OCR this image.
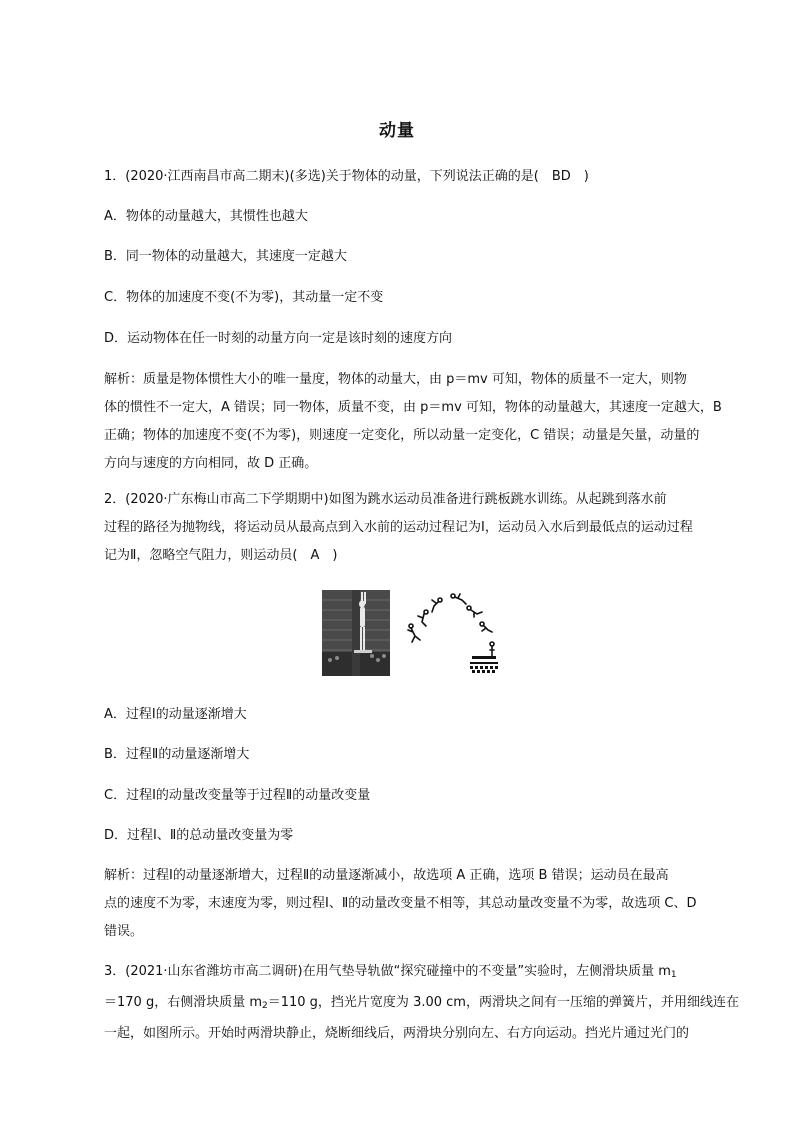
动量
1．(2020·江西南昌市高二期末)(多选)关于物体的动量，下列说法正确的是(　BD　)
A．物体的动量越大，其惯性也越大
B．同一物体的动量越大，其速度一定越大
C．物体的加速度不变(不为零)，其动量一定不变
D．运动物体在任一时刻的动量方向一定是该时刻的速度方向
解析：质量是物体惯性大小的唯一量度，物体的动量大，由 p＝mv 可知，物体的质量不一定大，则物
体的惯性不一定大，A 错误；同一物体，质量不变，由 p＝mv 可知，物体的动量越大，其速度一定越大，B
正确；物体的加速度不变(不为零)，则速度一定变化，所以动量一定变化，C 错误；动量是矢量，动量的
方向与速度的方向相同，故 D 正确。
2．(2020·广东梅山市高二下学期期中)如图为跳水运动员准备进行跳板跳水训练。从起跳到落水前
过程的路径为抛物线，将运动员从最高点到入水前的运动过程记为Ⅰ，运动员入水后到最低点的运动过程
记为Ⅱ，忽略空气阻力，则运动员(　A　)
A．过程Ⅰ的动量逐渐增大
B．过程Ⅱ的动量逐渐增大
C．过程Ⅰ的动量改变量等于过程Ⅱ的动量改变量
D．过程Ⅰ、Ⅱ的总动量改变量为零
解析：过程Ⅰ的动量逐渐增大，过程Ⅱ的动量逐渐减小，故选项 A 正确，选项 B 错误；运动员在最高
点的速度不为零，末速度为零，则过程Ⅰ、Ⅱ的动量改变量不相等，其总动量改变量不为零，故选项 C、D
错误。
3．(2021·山东省潍坊市高二调研)在用气垫导轨做“探究碰撞中的不变量”实验时，左侧滑块质量 $m_1$
＝170 g，右侧滑块质量 $m_2=110$ g，挡光片宽度为 3.00 cm，两滑块之间有一压缩的弹簧片，并用细线连在
一起，如图所示。开始时两滑块静止，烧断细线后，两滑块分别向左、右方向运动。挡光片通过光门的
